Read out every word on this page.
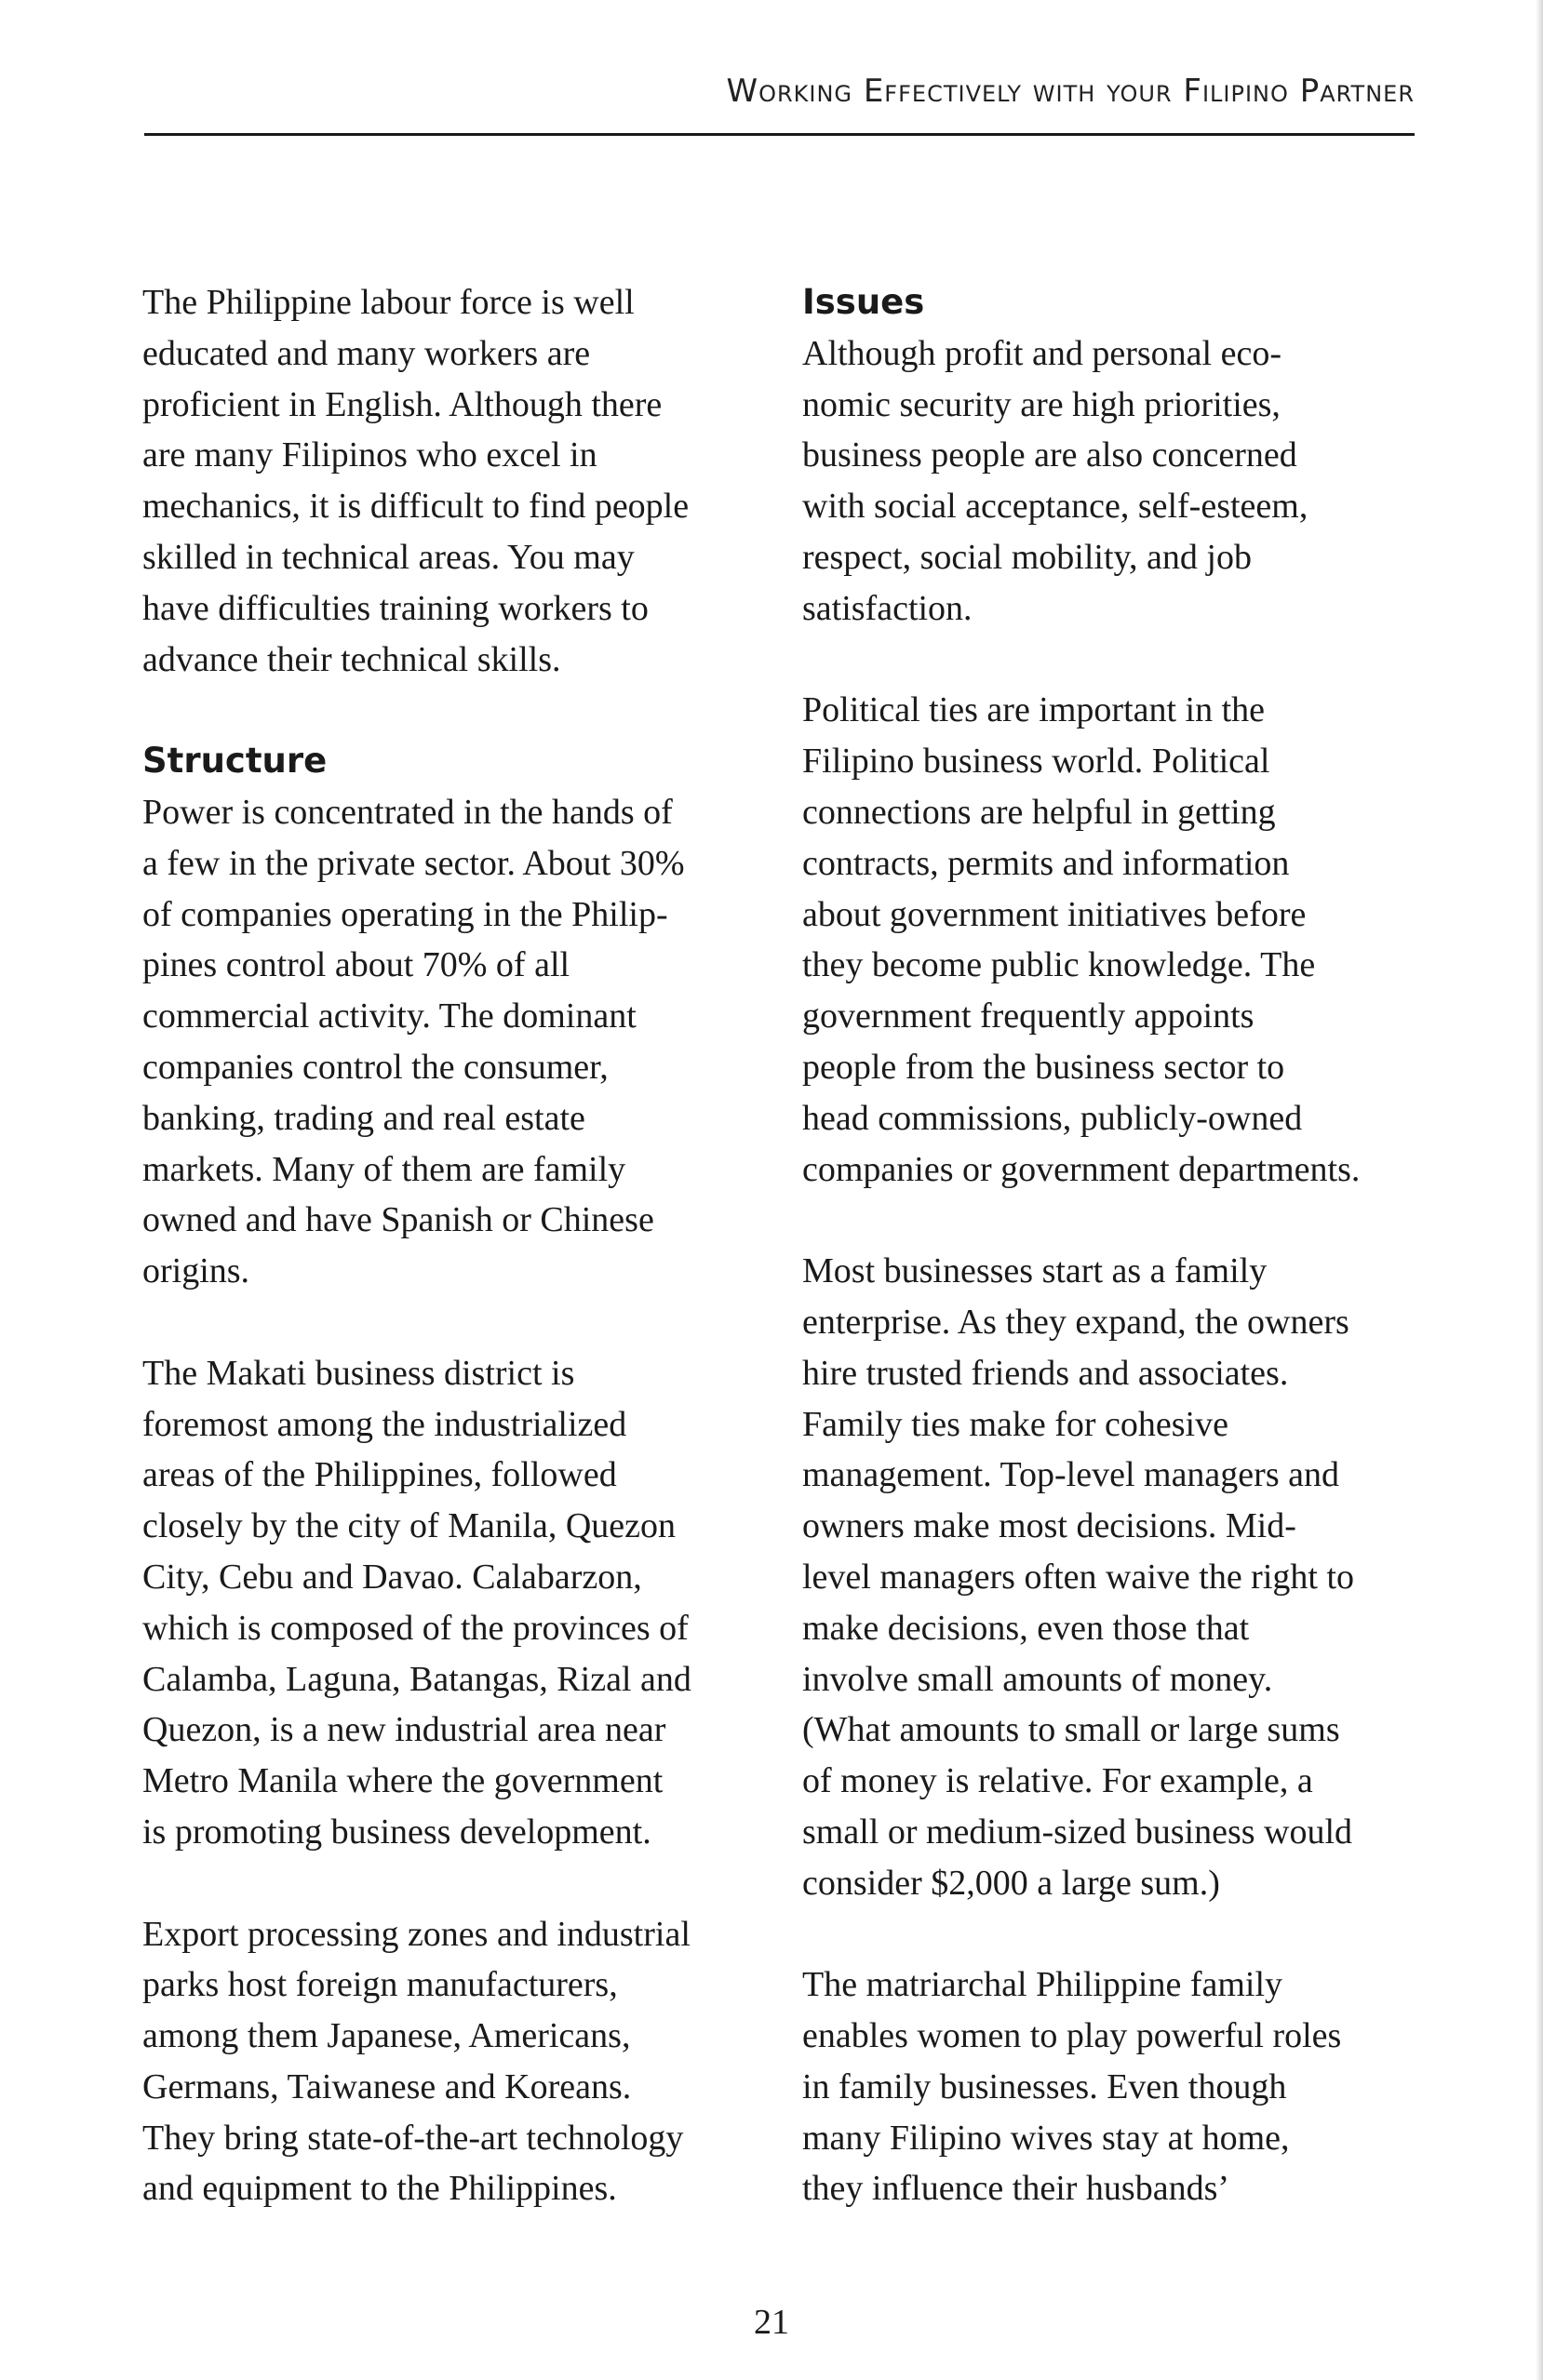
Working Effectively with your Filipino Partner

The Philippine labour force is well
educated and many workers are
proficient in English. Although there
are many Filipinos who excel in
mechanics, it is difficult to find people
skilled in technical areas. You may
have difficulties training workers to
advance their technical skills.

Structure

Power is concentrated in the hands of
a few in the private sector. About 30%
of companies operating in the Philip-
pines control about 70% of all
commercial activity. The dominant
companies control the consumer,
banking, trading and real estate
markets. Many of them are family
owned and have Spanish or Chinese
origins.

The Makati business district is
foremost among the industrialized
areas of the Philippines, followed
closely by the city of Manila, Quezon
City, Cebu and Davao. Calabarzon,
which is composed of the provinces of
Calamba, Laguna, Batangas, Rizal and
Quezon, is a new industrial area near
Metro Manila where the government
is promoting business development.

Export processing zones and industrial
parks host foreign manufacturers,
among them Japanese, Americans,
Germans, Taiwanese and Koreans.
They bring state-of-the-art technology
and equipment to the Philippines.

Issues

Although profit and personal eco-
nomic security are high priorities,
business people are also concerned
with social acceptance, self-esteem,
respect, social mobility, and job
satisfaction.

Political ties are important in the
Filipino business world. Political
connections are helpful in getting
contracts, permits and information
about government initiatives before
they become public knowledge. The
government frequently appoints
people from the business sector to
head commissions, publicly-owned
companies or government departments.

Most businesses start as a family
enterprise. As they expand, the owners
hire trusted friends and associates.
Family ties make for cohesive
management. Top-level managers and
owners make most decisions. Mid-
level managers often waive the right to
make decisions, even those that
involve small amounts of money.
(What amounts to small or large sums
of money is relative. For example, a
small or medium-sized business would
consider $2,000 a large sum.)

The matriarchal Philippine family
enables women to play powerful roles
in family businesses. Even though
many Filipino wives stay at home,
they influence their husbands’

21
